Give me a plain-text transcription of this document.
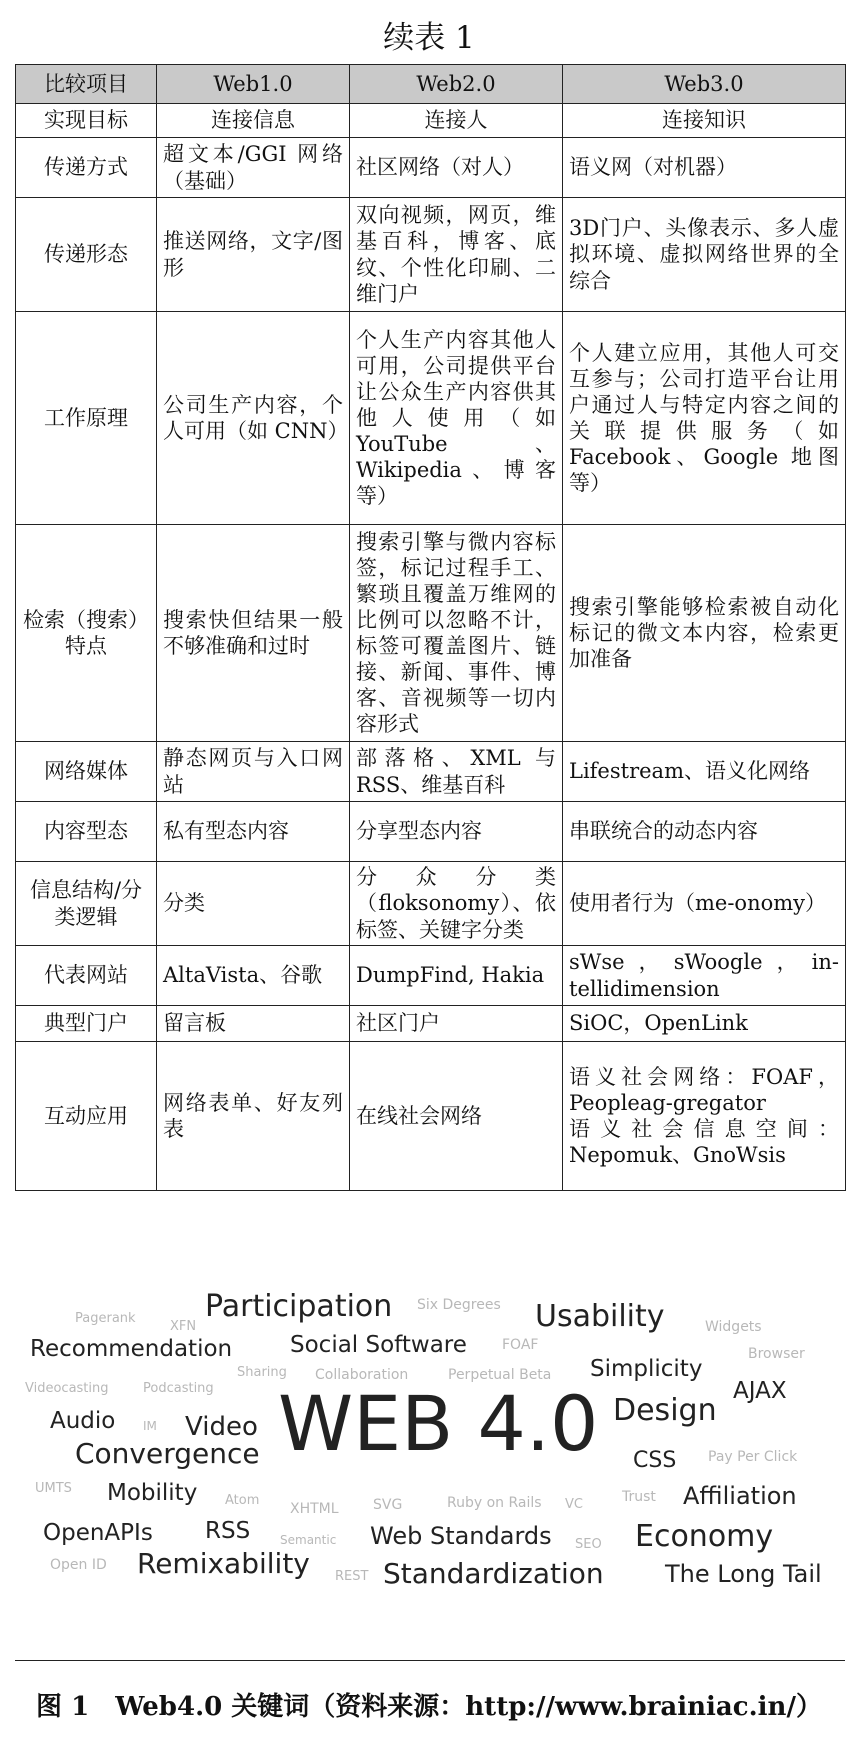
续表 1
比较项目	Web1.0	Web2.0	Web3.0
实现目标	连接信息	连接人	连接知识
传递方式	超文本/GGI 网络（基础）	社区网络（对人）	语义网（对机器）
传递形态	推送网络，文字/图形	双向视频，网页，维基百科，博客、底纹、个性化印刷、二维门户	3D门户、头像表示、多人虚拟环境、虚拟网络世界的全综合
工作原理	公司生产内容，个人可用（如 CNN）	个人生产内容其他人可用，公司提供平台让公众生产内容供其他人使用（如 YouTube、Wikipedia、博客等）	个人建立应用，其他人可交互参与；公司打造平台让用户通过人与特定内容之间的关联提供服务（如 Facebook、Google 地图等）
检索（搜索）特点	搜索快但结果一般不够准确和过时	搜索引擎与微内容标签，标记过程手工、繁琐且覆盖万维网的比例可以忽略不计，标签可覆盖图片、链接、新闻、事件、博客、音视频等一切内容形式	搜索引擎能够检索被自动化标记的微文本内容，检索更加准备
网络媒体	静态网页与入口网站	部落格、XML 与 RSS、维基百科	Lifestream、语义化网络
内容型态	私有型态内容	分享型态内容	串联统合的动态内容
信息结构/分类逻辑	分类	分众分类（floksonomy）、依标签、关键字分类	使用者行为（me-onomy）
代表网站	AltaVista、谷歌	DumpFind, Hakia	sWse，sWoogle，in-tellidimension
典型门户	留言板	社区门户	SiOC，OpenLink
互动应用	网络表单、好友列表	在线社会网络	语义社会网络：FOAF，Peopleag-gregator
语义社会信息空间：Nepomuk、GnoWsis
Participation Six Degrees Usability
Pagerank
XFN	Widgets
Recommendation	Social Software	FOAF
Browser
Videocasting	Podcasting
Sharing Collaboration	Perpetual Beta Simplicity
AJAX
Audio IM Video WEB 4.0 Design
Convergence	CSS Pay Per Click
UMTS Mobility Atom
XHTML SVG	Ruby on Rails VC	Trust Affiliation
OpenAPIs RSS Semantic Web Standards SEO Economy
Open ID Remixability REST Standardization	The Long Tail
图 1　Web4.0 关键词（资料来源：http://www.brainiac.in/）
